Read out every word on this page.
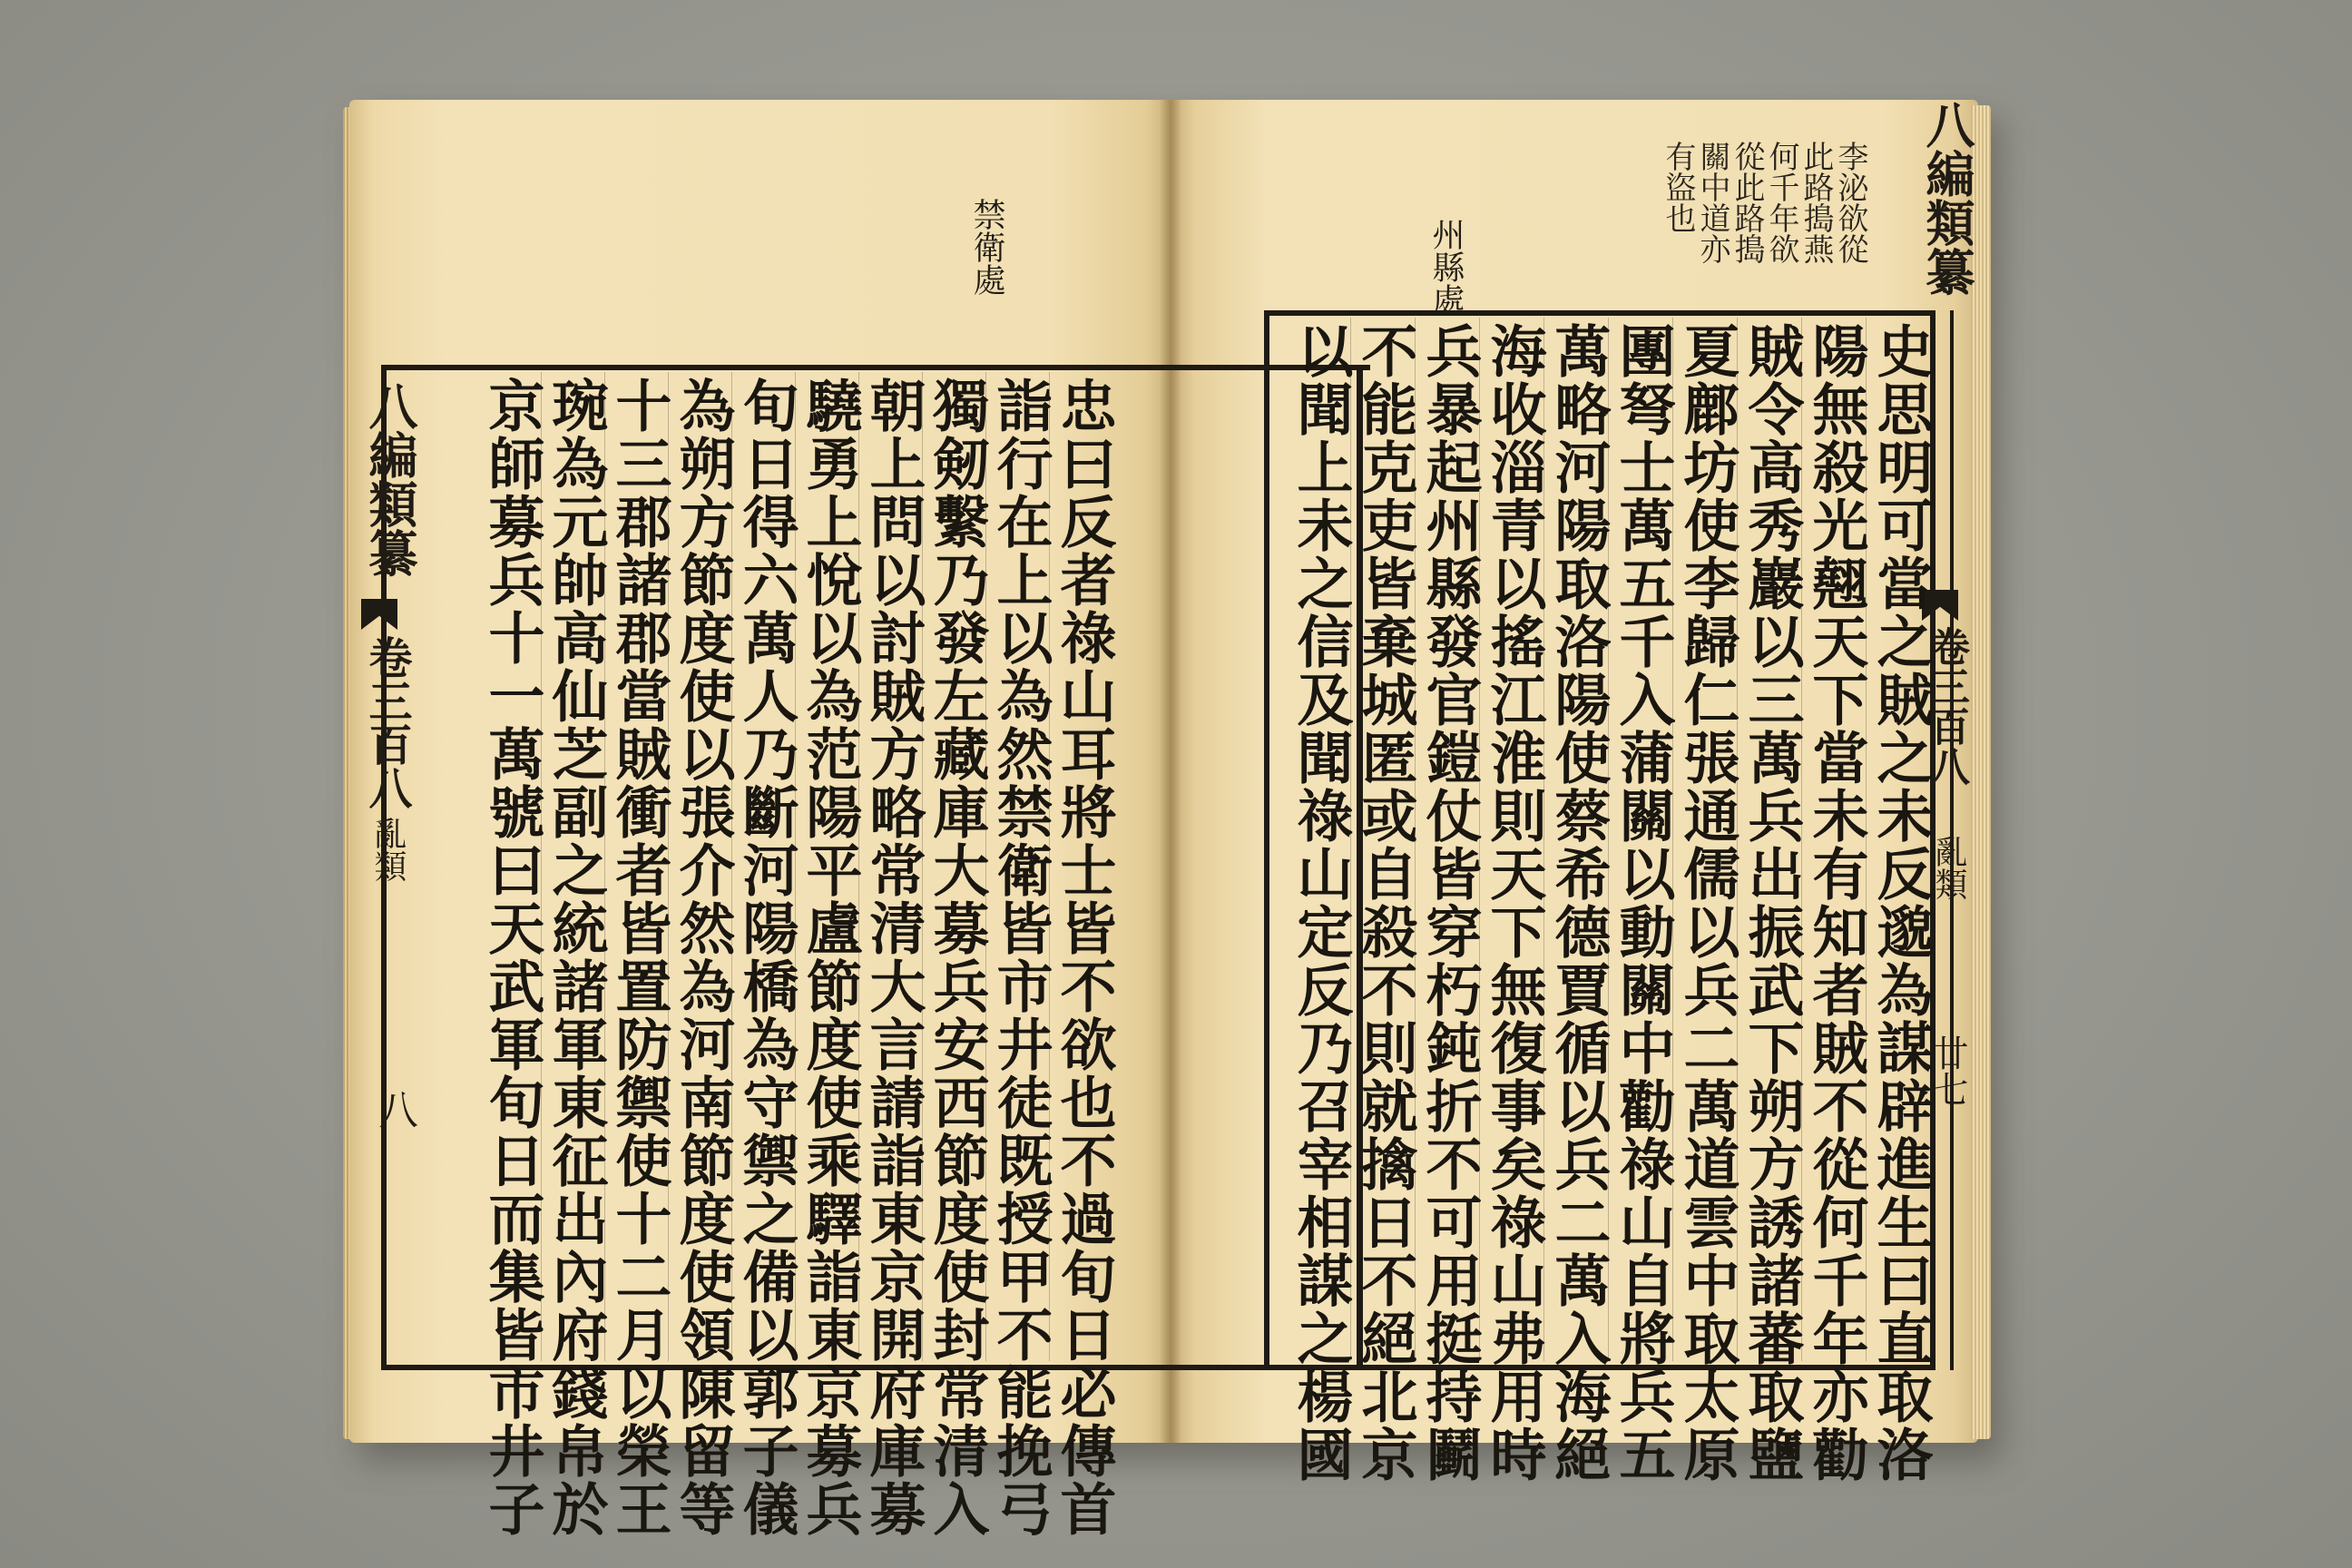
禁衛處
八編類纂
卷三百八
亂類
八	忠曰反者祿山耳將士皆不欲也不過旬日必傳首
詣行在上以為然禁衛皆市井徒既授甲不能挽弓
獨剱繫乃發左藏庫大募兵安西節度使封常清入
朝上問以討賊方略常清大言請詣東京開府庫募
驍勇上悅以為范陽平盧節度使乘驛詣東京募兵
旬日得六萬人乃斷河陽橋為守禦之備以郭子儀
為朔方節度使以張介然為河南節度使領陳留等
十三郡諸郡當賊衝者皆置防禦使十二月以榮王
琬為元帥高仙芝副之統諸軍東征出內府錢帛於
京師募兵十一萬號曰天武軍旬日而集皆市井子
州縣處
李泌欲從
此路搗燕
何千年欲
從此路搗
關中道亦
有盜也	八編類纂
卷三百八
亂類
廿七
史思明可當之賊之未反邈為謀辟進生曰直取洛
陽無殺光翹天下當未有知者賊不從何千年亦勸
賊令高秀巖以三萬兵出振武下朔方誘諸蕃取鹽
夏鄜坊使李歸仁張通儒以兵二萬道雲中取太原
團弩士萬五千入蒲關以動關中勸祿山自將兵五
萬略河陽取洛陽使蔡希德賈循以兵二萬入海絕
海收淄青以搖江淮則天下無復事矣祿山弗用時
兵暴起州縣發官鎧仗皆穿朽鈍折不可用挺持鬬
不能克吏皆棄城匿或自殺不則就擒日不絕北京
以聞上未之信及聞祿山定反乃召宰相謀之楊國
